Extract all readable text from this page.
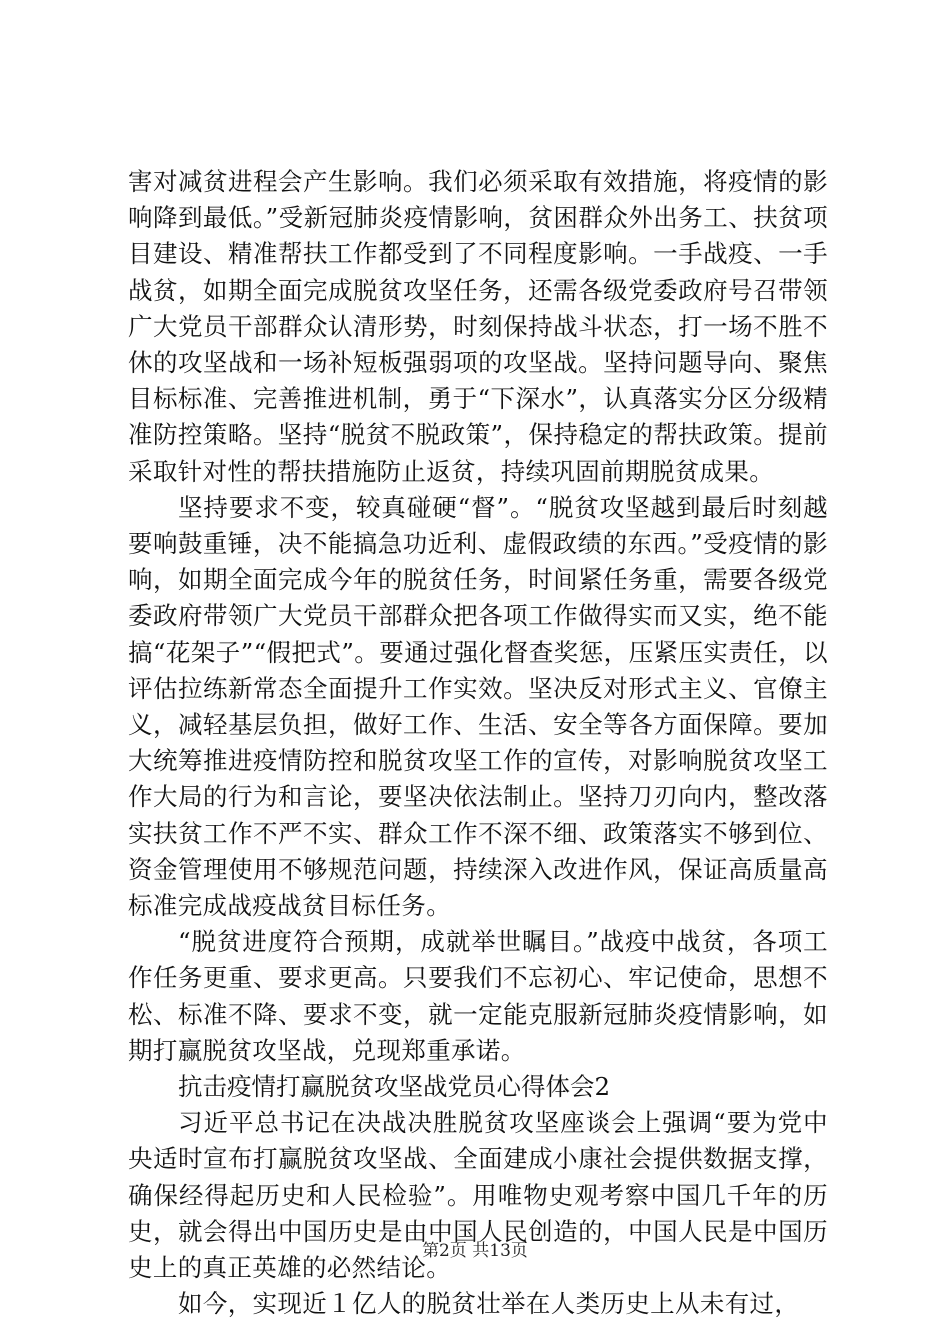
害对减贫进程会产生影响。我们必须采取有效措施，将疫情的影响降到最低。”受新冠肺炎疫情影响，贫困群众外出务工、扶贫项目建设、精准帮扶工作都受到了不同程度影响。一手战疫、一手战贫，如期全面完成脱贫攻坚任务，还需各级党委政府号召带领广大党员干部群众认清形势，时刻保持战斗状态，打一场不胜不休的攻坚战和一场补短板强弱项的攻坚战。坚持问题导向、聚焦目标标准、完善推进机制，勇于“下深水”，认真落实分区分级精准防控策略。坚持“脱贫不脱政策”，保持稳定的帮扶政策。提前采取针对性的帮扶措施防止返贫，持续巩固前期脱贫成果。

坚持要求不变，较真碰硬“督”。“脱贫攻坚越到最后时刻越要响鼓重锤，决不能搞急功近利、虚假政绩的东西。”受疫情的影响，如期全面完成今年的脱贫任务，时间紧任务重，需要各级党委政府带领广大党员干部群众把各项工作做得实而又实，绝不能搞“花架子”“假把式”。要通过强化督查奖惩，压紧压实责任，以评估拉练新常态全面提升工作实效。坚决反对形式主义、官僚主义，减轻基层负担，做好工作、生活、安全等各方面保障。要加大统筹推进疫情防控和脱贫攻坚工作的宣传，对影响脱贫攻坚工作大局的行为和言论，要坚决依法制止。坚持刀刃向内，整改落实扶贫工作不严不实、群众工作不深不细、政策落实不够到位、资金管理使用不够规范问题，持续深入改进作风，保证高质量高标准完成战疫战贫目标任务。

“脱贫进度符合预期，成就举世瞩目。”战疫中战贫，各项工作任务更重、要求更高。只要我们不忘初心、牢记使命，思想不松、标准不降、要求不变，就一定能克服新冠肺炎疫情影响，如期打赢脱贫攻坚战，兑现郑重承诺。

抗击疫情打赢脱贫攻坚战党员心得体会2

习近平总书记在决战决胜脱贫攻坚座谈会上强调“要为党中央适时宣布打赢脱贫攻坚战、全面建成小康社会提供数据支撑，确保经得起历史和人民检验”。用唯物史观考察中国几千年的历史，就会得出中国历史是由中国人民创造的，中国人民是中国历史上的真正英雄的必然结论。

如今，实现近１亿人的脱贫壮举在人类历史上从未有过，

第2页 共13页
